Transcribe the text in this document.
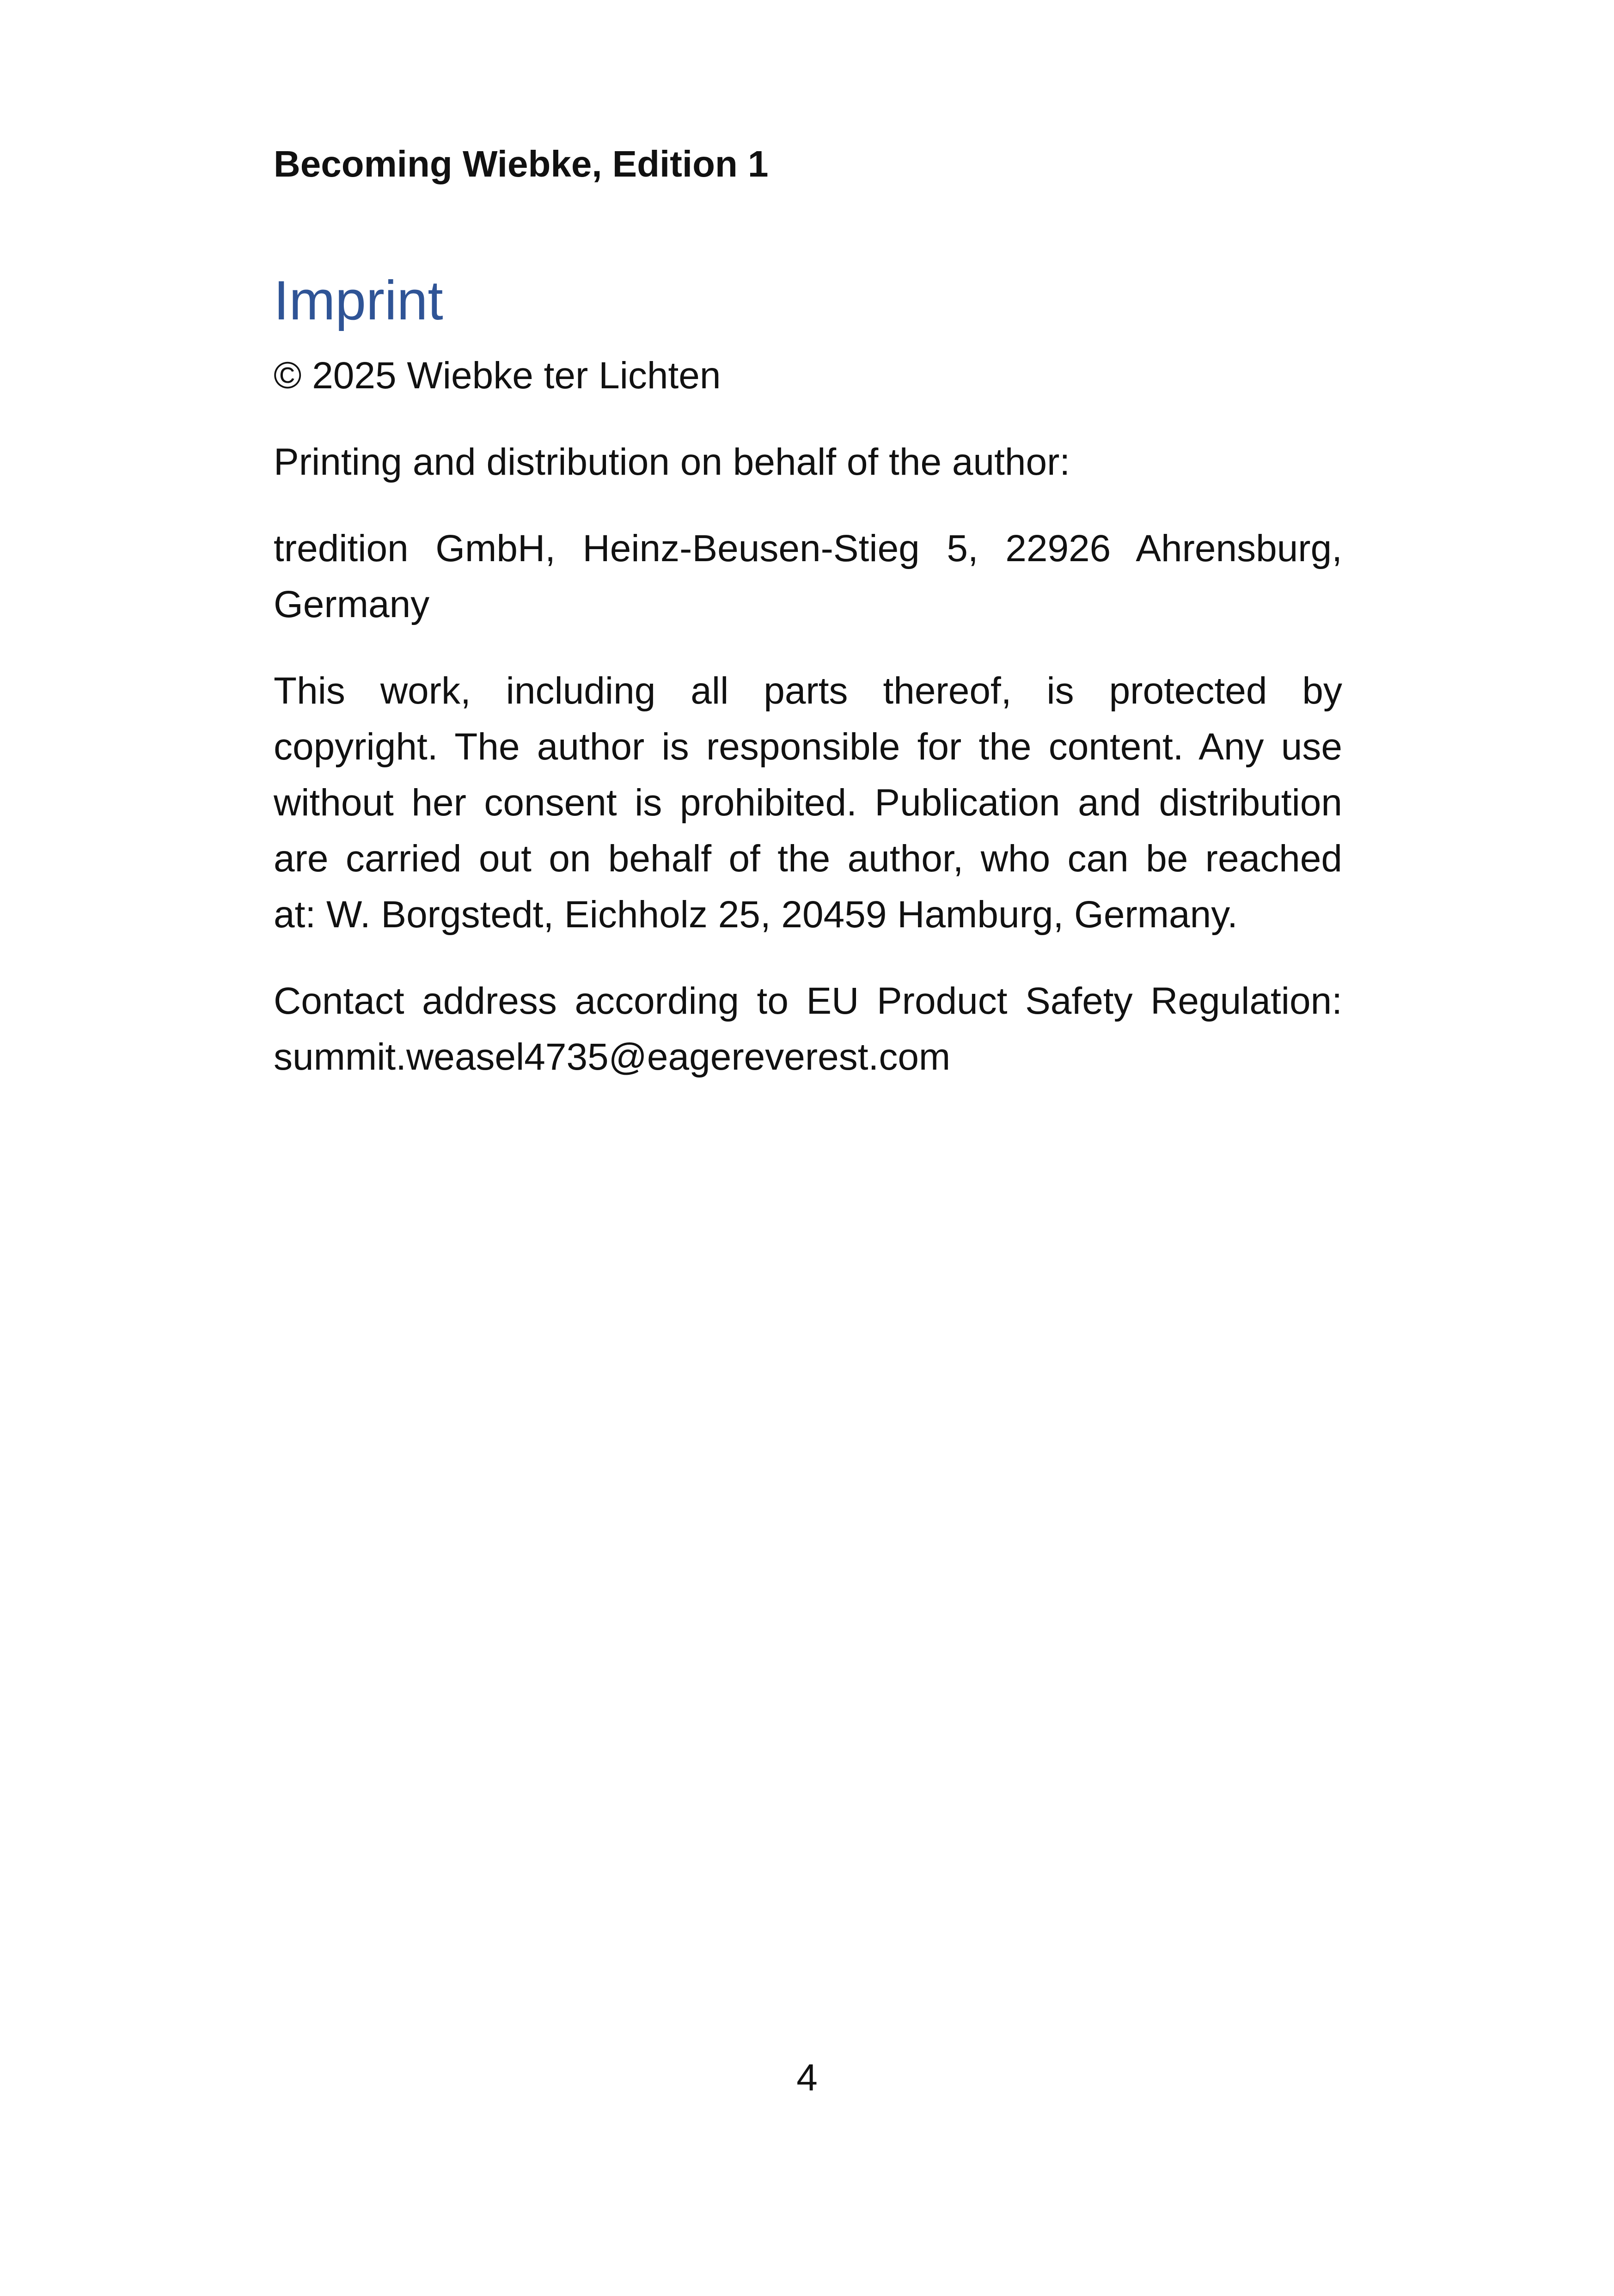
Becoming Wiebke, Edition 1
Imprint

© 2025 Wiebke ter Lichten

Printing and distribution on behalf of the author:

tredition GmbH, Heinz-Beusen-Stieg 5, 22926 Ahrensburg,
Germany

This work, including all parts thereof, is protected by
copyright. The author is responsible for the content. Any use
without her consent is prohibited. Publication and distribution
are carried out on behalf of the author, who can be reached
at: W. Borgstedt, Eichholz 25, 20459 Hamburg, Germany.

Contact address according to EU Product Safety Regulation:
summit.weasel4735@eagereverest.com

4
